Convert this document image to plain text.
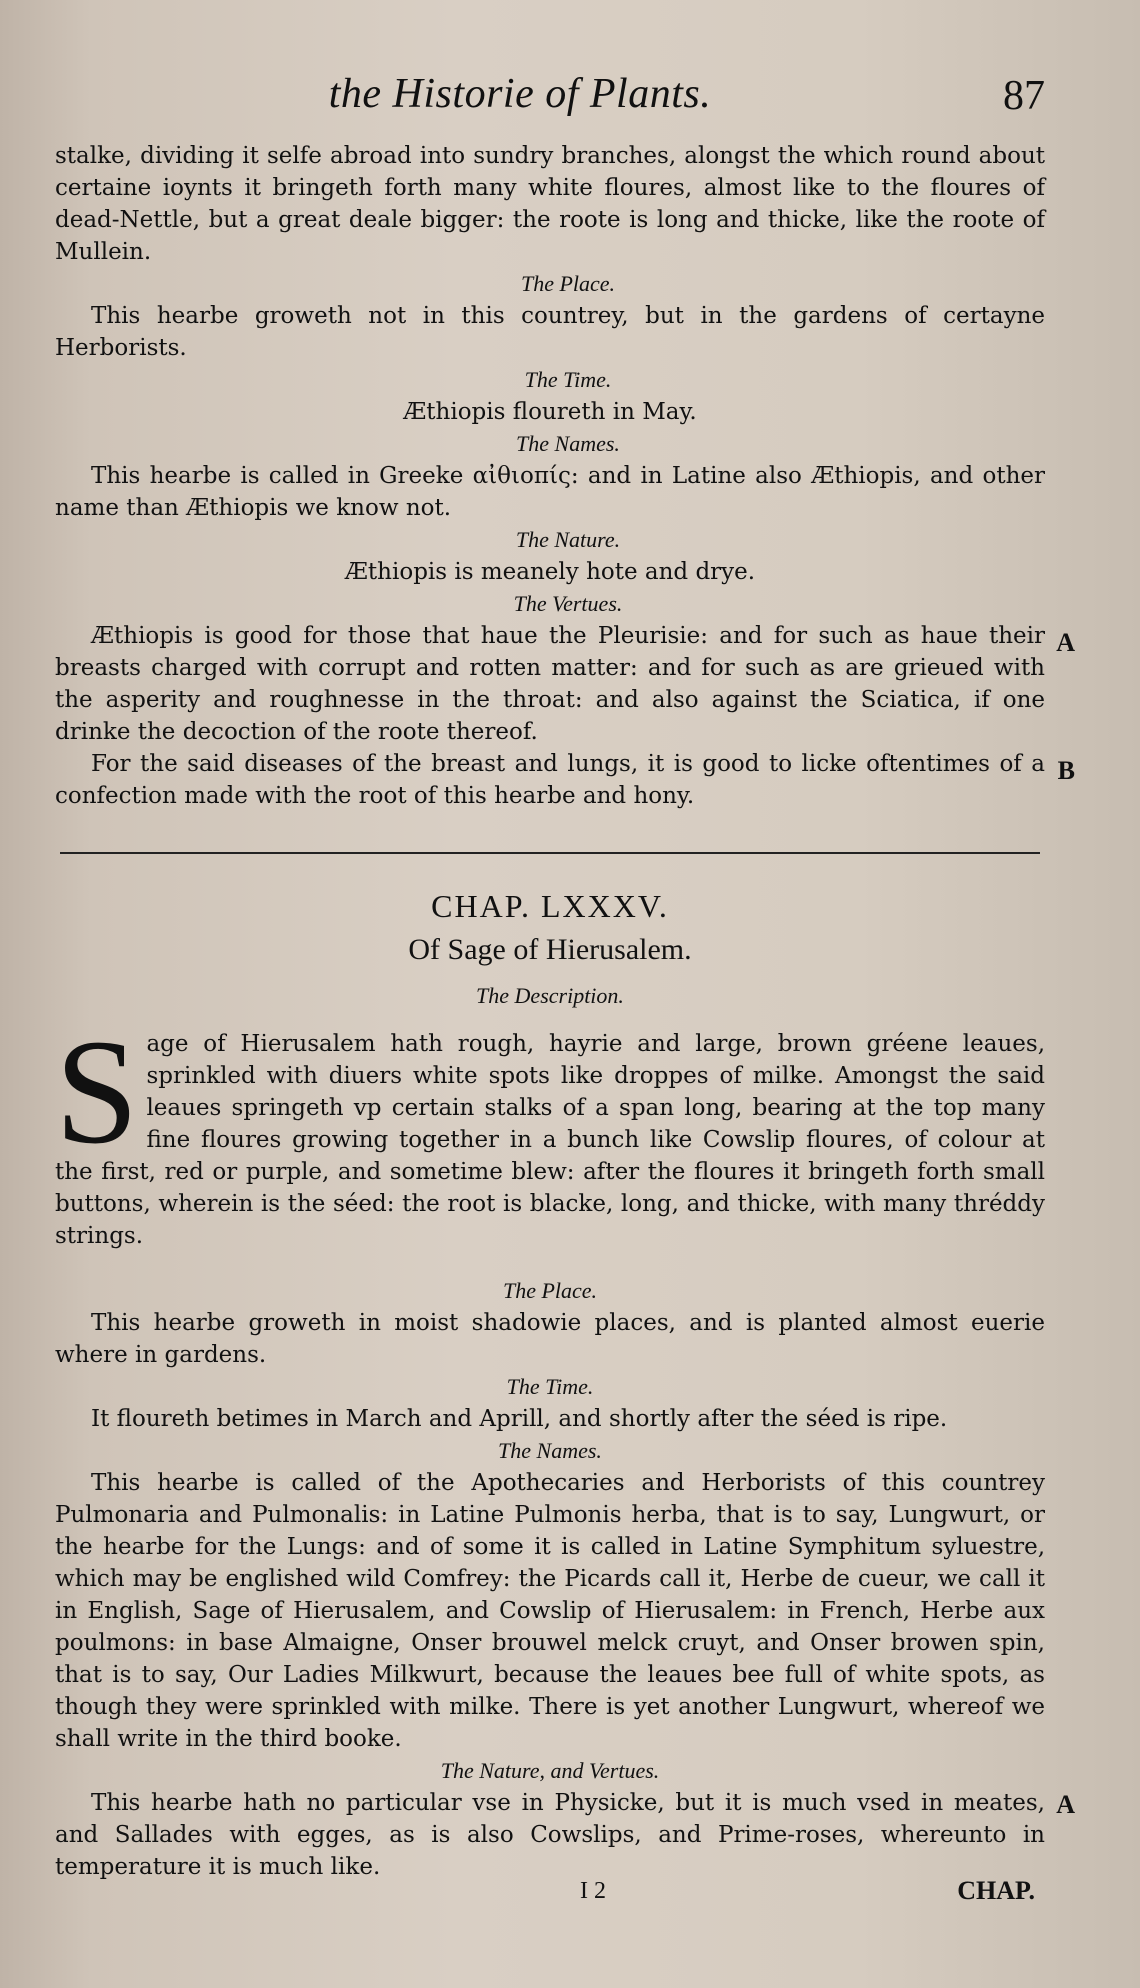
the Historie of Plants.	87

stalke, dividing it selfe abroad into sundry branches, alongst the which round about certaine ioynts it bringeth forth many white floures, almost like to the floures of dead-Nettle, but a great deale bigger: the roote is long and thicke, like the roote of Mullein.

The Place.

This hearbe groweth not in this countrey, but in the gardens of certayne Herborists.

The Time.

Æthiopis floureth in May.

The Names.

This hearbe is called in Greeke αἰθιοπίς: and in Latine also Æthiopis, and other name than Æthiopis we know not.

The Nature.

Æthiopis is meanely hote and drye.

The Vertues.

Æthiopis is good for those that haue the Pleurisie: and for such as haue their breasts charged with corrupt and rotten matter: and for such as are grieued with the asperity and roughnesse in the throat: and also against the Sciatica, if one drinke the decoction of the roote thereof.

For the said diseases of the breast and lungs, it is good to licke oftentimes of a confection made with the root of this hearbe and hony.

A
B

CHAP. LXXXV.

Of Sage of Hierusalem.

The Description.

S age of Hierusalem hath rough, hayrie and large, brown gréene leaues, sprinkled with diuers white spots like droppes of milke. Amongst the said leaues springeth vp certain stalks of a span long, bearing at the top many fine floures growing together in a bunch like Cowslip floures, of colour at the first, red or purple, and sometime blew: after the floures it bringeth forth small buttons, wherein is the séed: the root is blacke, long, and thicke, with many thréddy strings.

The Place.

This hearbe groweth in moist shadowie places, and is planted almost euerie where in gardens.

The Time.

It floureth betimes in March and Aprill, and shortly after the séed is ripe.

The Names.

This hearbe is called of the Apothecaries and Herborists of this countrey Pulmonaria and Pulmonalis: in Latine Pulmonis herba, that is to say, Lungwurt, or the hearbe for the Lungs: and of some it is called in Latine Symphitum syluestre, which may be englished wild Comfrey: the Picards call it, Herbe de cueur, we call it in English, Sage of Hierusalem, and Cowslip of Hierusalem: in French, Herbe aux poulmons: in base Almaigne, Onser brouwel melck cruyt, and Onser browen spin, that is to say, Our Ladies Milkwurt, because the leaues bee full of white spots, as though they were sprinkled with milke. There is yet another Lungwurt, whereof we shall write in the third booke.

The Nature, and Vertues.

This hearbe hath no particular vse in Physicke, but it is much vsed in meates, and Sallades with egges, as is also Cowslips, and Prime-roses, whereunto in temperature it is much like.

A
I 2	CHAP.
